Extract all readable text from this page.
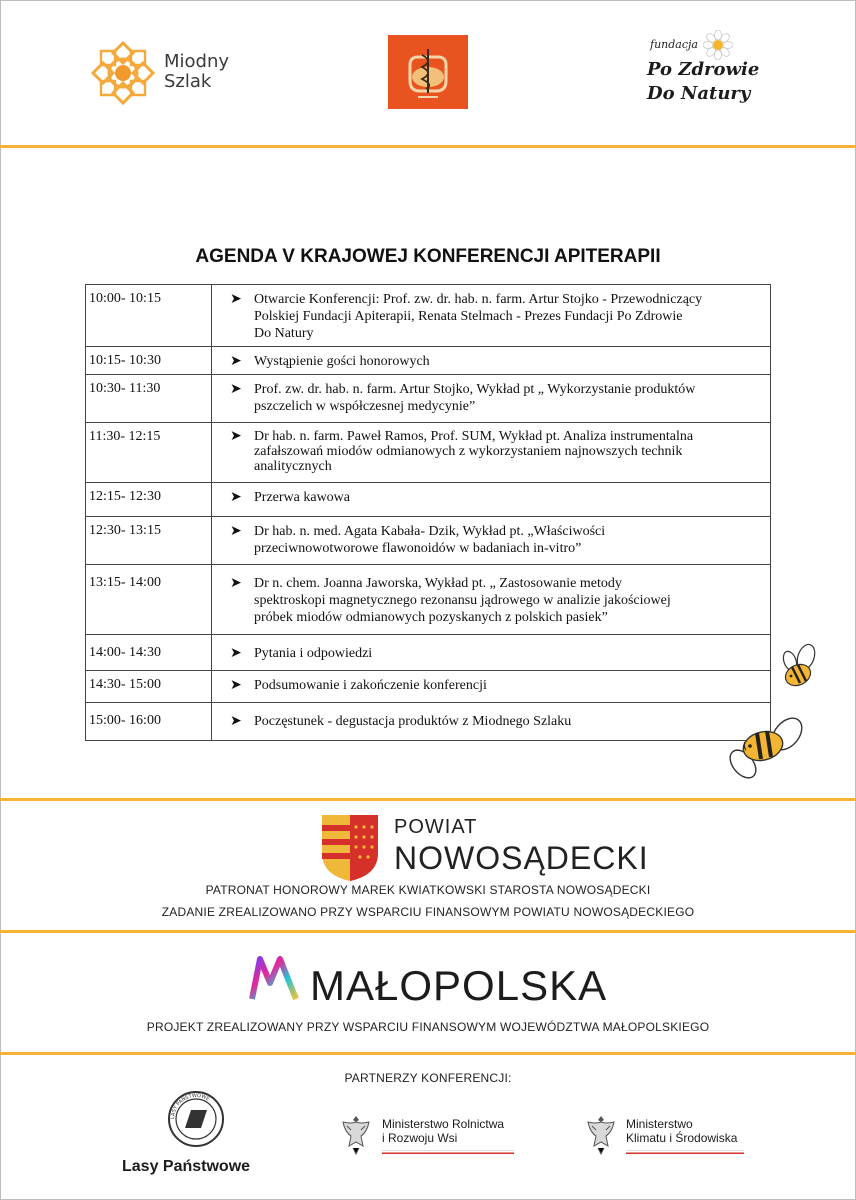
Miodny
Szlak
fundacja
Po Zdrowie
Do Natury
AGENDA V KRAJOWEJ KONFERENCJI APITERAPII
10:00- 10:15	➤ Otwarcie Konferencji: Prof. zw. dr. hab. n. farm. Artur Stojko - Przewodniczący
Polskiej Fundacji Apiterapii, Renata Stelmach - Prezes Fundacji Po Zdrowie
Do Natury

10:15- 10:30	➤ Wystąpienie gości honorowych

10:30- 11:30	➤ Prof. zw. dr. hab. n. farm. Artur Stojko, Wykład pt „ Wykorzystanie produktów
pszczelich w współczesnej medycynie”

11:30- 12:15	➤ Dr hab. n. farm. Paweł Ramos, Prof. SUM, Wykład pt. Analiza instrumentalna
zafałszowań miodów odmianowych z wykorzystaniem najnowszych technik
analitycznych

12:15- 12:30	➤ Przerwa kawowa

12:30- 13:15	➤ Dr hab. n. med. Agata Kabała- Dzik, Wykład pt. „Właściwości
przeciwnowotworowe flawonoidów w badaniach in-vitro”

13:15- 14:00	➤ Dr n. chem. Joanna Jaworska, Wykład pt. „ Zastosowanie metody
spektroskopi magnetycznego rezonansu jądrowego w analizie jakościowej
próbek miodów odmianowych pozyskanych z polskich pasiek”

14:00- 14:30	➤ Pytania i odpowiedzi

14:30- 15:00	➤ Podsumowanie i zakończenie konferencji

15:00- 16:00	➤ Poczęstunek - degustacja produktów z Miodnego Szlaku
POWIAT
NOWOSĄDECKI
PATRONAT HONOROWY MAREK KWIATKOWSKI STAROSTA NOWOSĄDECKI
ZADANIE ZREALIZOWANO PRZY WSPARCIU FINANSOWYM POWIATU NOWOSĄDECKIEGO
MAŁOPOLSKA
PROJEKT ZREALIZOWANY PRZY WSPARCIU FINANSOWYM WOJEWÓDZTWA MAŁOPOLSKIEGO
PARTNERZY KONFERENCJI:
LASY PAŃSTWOWE
Lasy Państwowe
Ministerstwo Rolnictwa
i Rozwoju Wsi
Ministerstwo
Klimatu i Środowiska
